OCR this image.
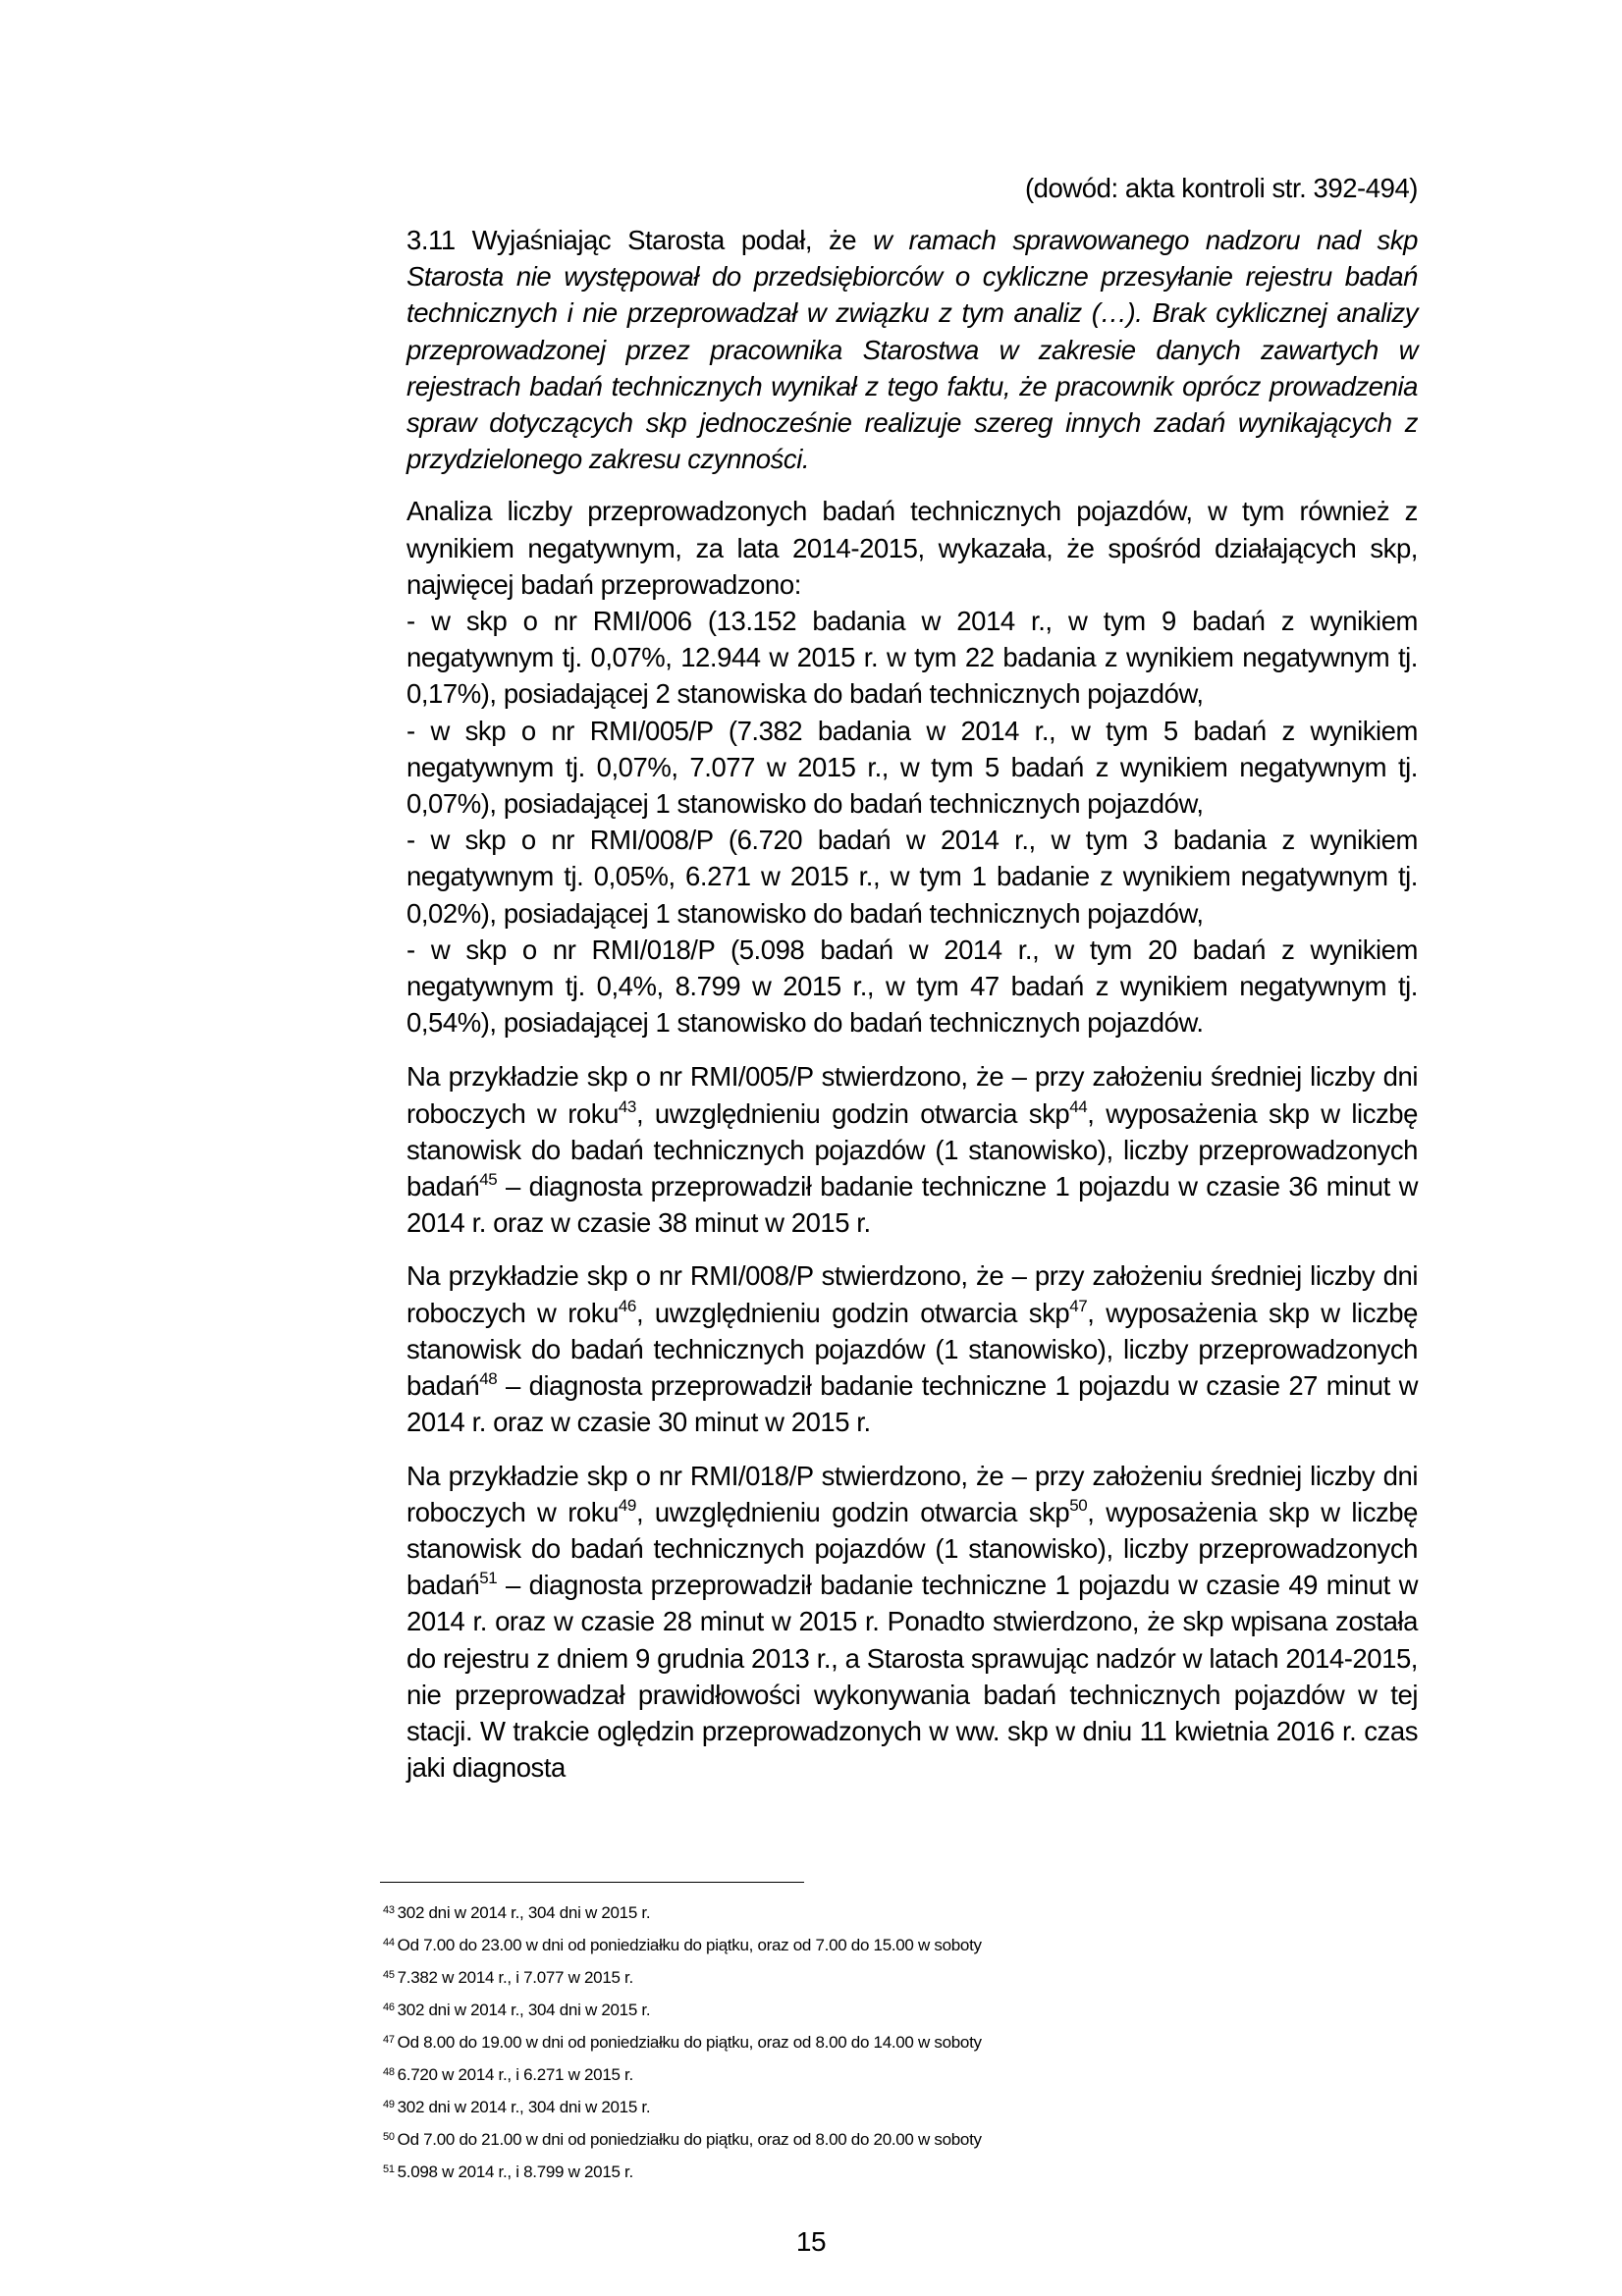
(dowód: akta kontroli str. 392-494)

3.11 Wyjaśniając Starosta podał, że w ramach sprawowanego nadzoru nad skp Starosta nie występował do przedsiębiorców o cykliczne przesyłanie rejestru badań technicznych i nie przeprowadzał w związku z tym analiz (…). Brak cyklicznej analizy przeprowadzonej przez pracownika Starostwa w zakresie danych zawartych w rejestrach badań technicznych wynikał z tego faktu, że pracownik oprócz prowadzenia spraw dotyczących skp jednocześnie realizuje szereg innych zadań wynikających z przydzielonego zakresu czynności.

Analiza liczby przeprowadzonych badań technicznych pojazdów, w tym również z wynikiem negatywnym, za lata 2014-2015, wykazała, że spośród działających skp, najwięcej badań przeprowadzono:
- w skp o nr RMI/006 (13.152 badania w 2014 r., w tym 9 badań z wynikiem negatywnym tj. 0,07%, 12.944 w 2015 r. w tym 22 badania z wynikiem negatywnym tj. 0,17%), posiadającej 2 stanowiska do badań technicznych pojazdów,
- w skp o nr RMI/005/P (7.382 badania w 2014 r., w tym 5 badań z wynikiem negatywnym tj. 0,07%, 7.077 w 2015 r., w tym 5 badań z wynikiem negatywnym tj. 0,07%), posiadającej 1 stanowisko do badań technicznych pojazdów,
- w skp o nr RMI/008/P (6.720 badań w 2014 r., w tym 3 badania z wynikiem negatywnym tj. 0,05%, 6.271 w 2015 r., w tym 1 badanie z wynikiem negatywnym tj. 0,02%), posiadającej 1 stanowisko do badań technicznych pojazdów,
- w skp o nr RMI/018/P (5.098 badań w 2014 r., w tym 20 badań z wynikiem negatywnym tj. 0,4%, 8.799 w 2015 r., w tym 47 badań z wynikiem negatywnym tj. 0,54%), posiadającej 1 stanowisko do badań technicznych pojazdów.

Na przykładzie skp o nr RMI/005/P stwierdzono, że – przy założeniu średniej liczby dni roboczych w roku$^{43}$, uwzględnieniu godzin otwarcia skp$^{44}$, wyposażenia skp w liczbę stanowisk do badań technicznych pojazdów (1 stanowisko), liczby przeprowadzonych badań$^{45}$ – diagnosta przeprowadził badanie techniczne 1 pojazdu w czasie 36 minut w 2014 r. oraz w czasie 38 minut w 2015 r.

Na przykładzie skp o nr RMI/008/P stwierdzono, że – przy założeniu średniej liczby dni roboczych w roku$^{46}$, uwzględnieniu godzin otwarcia skp$^{47}$, wyposażenia skp w liczbę stanowisk do badań technicznych pojazdów (1 stanowisko), liczby przeprowadzonych badań$^{48}$ – diagnosta przeprowadził badanie techniczne 1 pojazdu w czasie 27 minut w 2014 r. oraz w czasie 30 minut w 2015 r.

Na przykładzie skp o nr RMI/018/P stwierdzono, że – przy założeniu średniej liczby dni roboczych w roku$^{49}$, uwzględnieniu godzin otwarcia skp$^{50}$, wyposażenia skp w liczbę stanowisk do badań technicznych pojazdów (1 stanowisko), liczby przeprowadzonych badań$^{51}$ – diagnosta przeprowadził badanie techniczne 1 pojazdu w czasie 49 minut w 2014 r. oraz w czasie 28 minut w 2015 r. Ponadto stwierdzono, że skp wpisana została do rejestru z dniem 9 grudnia 2013 r., a Starosta sprawując nadzór w latach 2014-2015, nie przeprowadzał prawidłowości wykonywania badań technicznych pojazdów w tej stacji. W trakcie oględzin przeprowadzonych w ww. skp w dniu 11 kwietnia 2016 r. czas jaki diagnosta

$^{43}$ 302 dni w 2014 r., 304 dni w 2015 r.
$^{44}$ Od 7.00 do 23.00 w dni od poniedziałku do piątku, oraz od 7.00 do 15.00 w soboty
$^{45}$ 7.382 w 2014 r., i 7.077 w 2015 r.
$^{46}$ 302 dni w 2014 r., 304 dni w 2015 r.
$^{47}$ Od 8.00 do 19.00 w dni od poniedziałku do piątku, oraz od 8.00 do 14.00 w soboty
$^{48}$ 6.720 w 2014 r., i 6.271 w 2015 r.
$^{49}$ 302 dni w 2014 r., 304 dni w 2015 r.
$^{50}$ Od 7.00 do 21.00 w dni od poniedziałku do piątku, oraz od 8.00 do 20.00 w soboty
$^{51}$ 5.098 w 2014 r., i 8.799 w 2015 r.
15
